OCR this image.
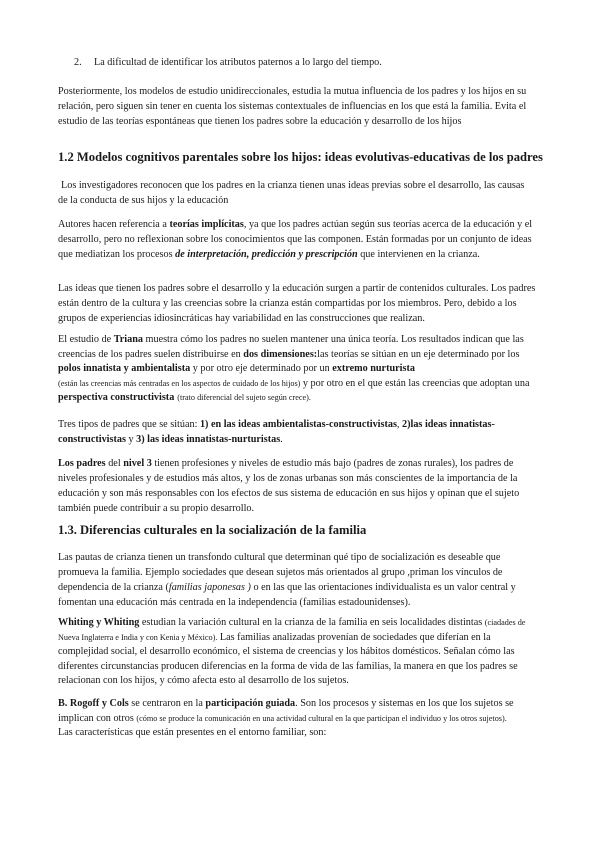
2. La dificultad de identificar los atributos paternos a lo largo del tiempo.

Posteriormente, los modelos de estudio unidireccionales, estudia la mutua influencia de los padres y los hijos en su relación, pero siguen sin tener en cuenta los sistemas contextuales de influencias en los que está la familia. Evita el estudio de las teorías espontáneas que tienen los padres sobre la educación y desarrollo de los hijos

1.2 Modelos cognitivos parentales sobre los hijos: ideas evolutivas-educativas de los padres

Los investigadores reconocen que los padres en la crianza tienen unas ideas previas sobre el desarrollo, las causas de la conducta de sus hijos y la educación

Autores hacen referencia a teorías implícitas, ya que los padres actúan según sus teorías acerca de la educación y el desarrollo, pero no reflexionan sobre los conocimientos que las componen. Están formadas por un conjunto de ideas que mediatizan los procesos de interpretación, predicción y prescripción que intervienen en la crianza.

Las ideas que tienen los padres sobre el desarrollo y la educación surgen a partir de contenidos culturales. Los padres están dentro de la cultura y las creencias sobre la crianza están compartidas por los miembros. Pero, debido a los grupos de experiencias idiosincráticas hay variabilidad en las construcciones que realizan.

El estudio de Triana muestra cómo los padres no suelen mantener una única teoría. Los resultados indican que las creencias de los padres suelen distribuirse en dos dimensiones:las teorías se sitúan en un eje determinado por los polos innatista y ambientalista y por otro eje determinado por un extremo nurturista
(están las creencias más centradas en los aspectos de cuidado de los hijos) y por otro en el que están las creencias que adoptan una perspectiva constructivista (trato diferencial del sujeto según crece).

Tres tipos de padres que se sitúan: 1) en las ideas ambientalistas-constructivistas, 2)las ideas innatistas-constructivistas y 3) las ideas innatistas-nurturistas.

Los padres del nivel 3 tienen profesiones y niveles de estudio más bajo (padres de zonas rurales), los padres de niveles profesionales y de estudios más altos, y los de zonas urbanas son más conscientes de la importancia de la educación y son más responsables con los efectos de sus sistema de educación en sus hijos y opinan que el sujeto también puede contribuir a su propio desarrollo.

1.3. Diferencias culturales en la socialización de la familia

Las pautas de crianza tienen un transfondo cultural que determinan qué tipo de socialización es deseable que promueva la familia. Ejemplo sociedades que desean sujetos más orientados al grupo ,priman los vínculos de dependencia de la crianza (familias japonesas ) o en las que las orientaciones individualista es un valor central y fomentan una educación más centrada en la independencia (familias estadounidenses).

Whiting y Whiting estudian la variación cultural en la crianza de la familia en seis localidades distintas (ciadades de Nueva Inglaterra e India y con Kenia y México). Las familias analizadas provenían de sociedades que diferían en la complejidad social, el desarrollo económico, el sistema de creencias y los hábitos domésticos. Señalan cómo las diferentes circunstancias producen diferencias en la forma de vida de las familias, la manera en que los padres se relacionan con los hijos, y cómo afecta esto al desarrollo de los sujetos.

B. Rogoff y Cols se centraron en la participación guiada. Son los procesos y sistemas en los que los sujetos se implican con otros (cómo se produce la comunicación en una actividad cultural en la que participan el individuo y los otros sujetos).
Las características que están presentes en el entorno familiar, son:
